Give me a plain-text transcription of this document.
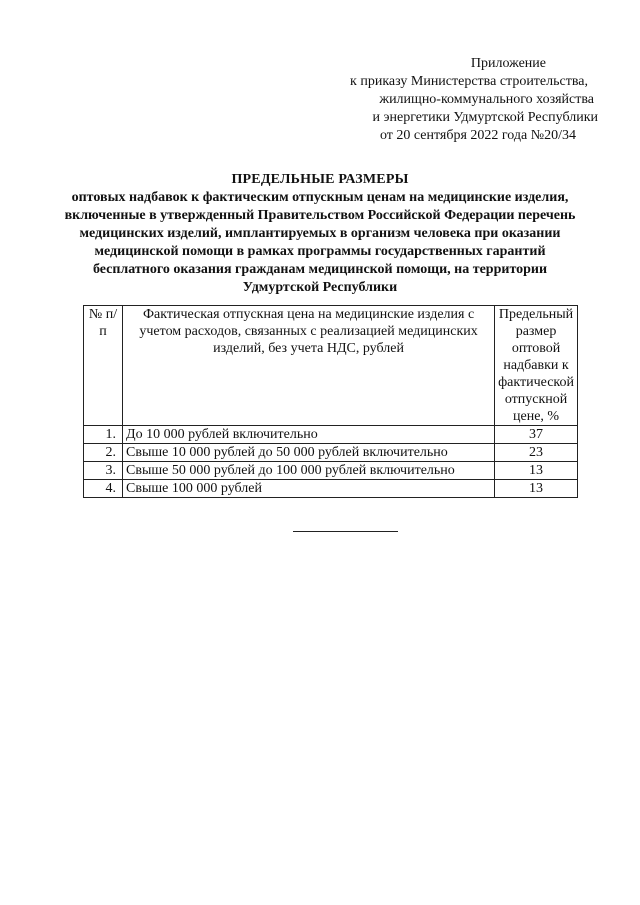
Приложение
к приказу Министерства строительства,
жилищно-коммунального хозяйства
и энергетики Удмуртской Республики
от 20 сентября 2022 года №20/34
ПРЕДЕЛЬНЫЕ РАЗМЕРЫ
оптовых надбавок к фактическим отпускным ценам на медицинские изделия,
включенные в утвержденный Правительством Российской Федерации перечень
медицинских изделий, имплантируемых в организм человека при оказании
медицинской помощи в рамках программы государственных гарантий
бесплатного оказания гражданам медицинской помощи, на территории
Удмуртской Республики
№ п/п	Фактическая отпускная цена на медицинские изделия с учетом расходов, связанных с реализацией медицинских изделий, без учета НДС, рублей	Предельный размер оптовой надбавки к фактической отпускной цене, %
1.	До 10 000 рублей включительно	37
2.	Свыше 10 000 рублей до 50 000 рублей включительно	23
3.	Свыше 50 000 рублей до 100 000 рублей включительно	13
4.	Свыше 100 000 рублей	13
